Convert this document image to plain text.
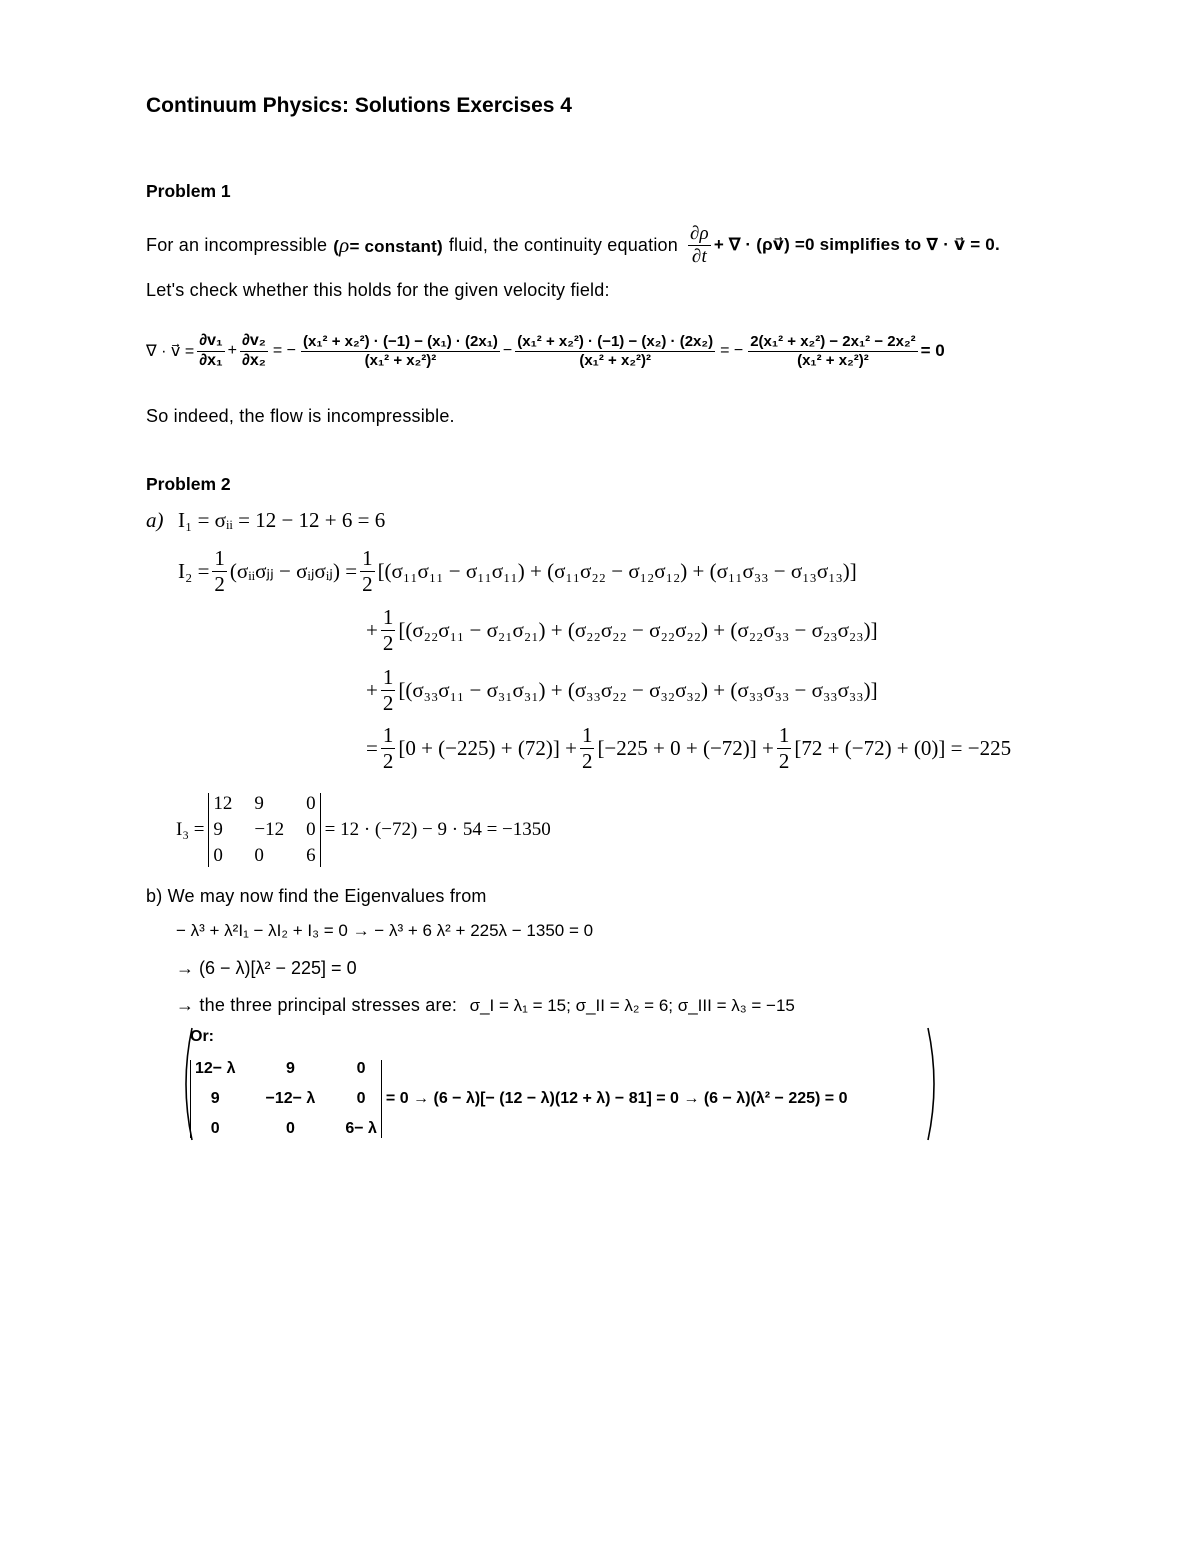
Continuum Physics: Solutions Exercises 4
Problem 1
For an incompressible (ρ= constant) fluid, the continuity equation $\frac{\partial\rho}{\partial t}$ + ∇ · (ρv⃗) =0 simplifies to ∇ · v⃗ = 0.
Let's check whether this holds for the given velocity field:
∇ · v⃗ = $\frac{\text{∂v₁}}{\text{∂x₁}} + \frac{\text{∂v₂}}{\text{∂x₂}}$ = − $\frac{\text{(x₁² + x₂²) · (−1) − (x₁) · (2x₁)}}{\text{(x₁² + x₂²)²}} - \frac{\text{(x₁² + x₂²) · (−1) − (x₂) · (2x₂)}}{\text{(x₁² + x₂²)²}}$ = − $\frac{\text{2(x₁² + x₂²) − 2x₁² − 2x₂²}}{\text{(x₁² + x₂²)²}} = 0$
So indeed, the flow is incompressible.
Problem 2
a) I₁ = σᵢᵢ = 12 − 12 + 6 = 6
$I_2 = \frac{1}{2}$ (σᵢᵢσⱼⱼ − σᵢⱼσᵢⱼ) = $\frac{1}{2} [(\sigma_{11}\sigma_{11} - \sigma_{11}\sigma_{11}) + (\sigma_{11}\sigma_{22} - \sigma_{12}\sigma_{12}) + (\sigma_{11}\sigma_{33} - \sigma_{13}\sigma_{13})]$
+ $\frac{1}{2} [(\sigma_{22}\sigma_{11} - \sigma_{21}\sigma_{21}) + (\sigma_{22}\sigma_{22} - \sigma_{22}\sigma_{22}) + (\sigma_{22}\sigma_{33} - \sigma_{23}\sigma_{23})]$
+ $\frac{1}{2} [(\sigma_{33}\sigma_{11} - \sigma_{31}\sigma_{31}) + (\sigma_{33}\sigma_{22} - \sigma_{32}\sigma_{32}) + (\sigma_{33}\sigma_{33} - \sigma_{33}\sigma_{33})]$
= $\frac{1}{2} [0 + (-225) + (72)] + \frac{1}{2} [-225 + 0 + (-72)] + \frac{1}{2} [72 + (-72) + (0)] = -225$
I₃ =
12 9	0
9	−12 0
0	0	6
= 12 · (−72) − 9 · 54 = −1350
b) We may now find the Eigenvalues from
− λ³ + λ²I₁ − λI₂ + I₃ = 0 → − λ³ + 6 λ² + 225λ − 1350 = 0
→ (6 − λ)[λ² − 225] = 0
→ the three principal stresses are: σ_I = λ₁ = 15; σ_II = λ₂ = 6; σ_III = λ₃ = −15
Or:
12− λ	9	0
9	−12− λ	0
0	0	6− λ
= 0 → (6 − λ)[− (12 − λ)(12 + λ) − 81] = 0 → (6 − λ)(λ² − 225) = 0
